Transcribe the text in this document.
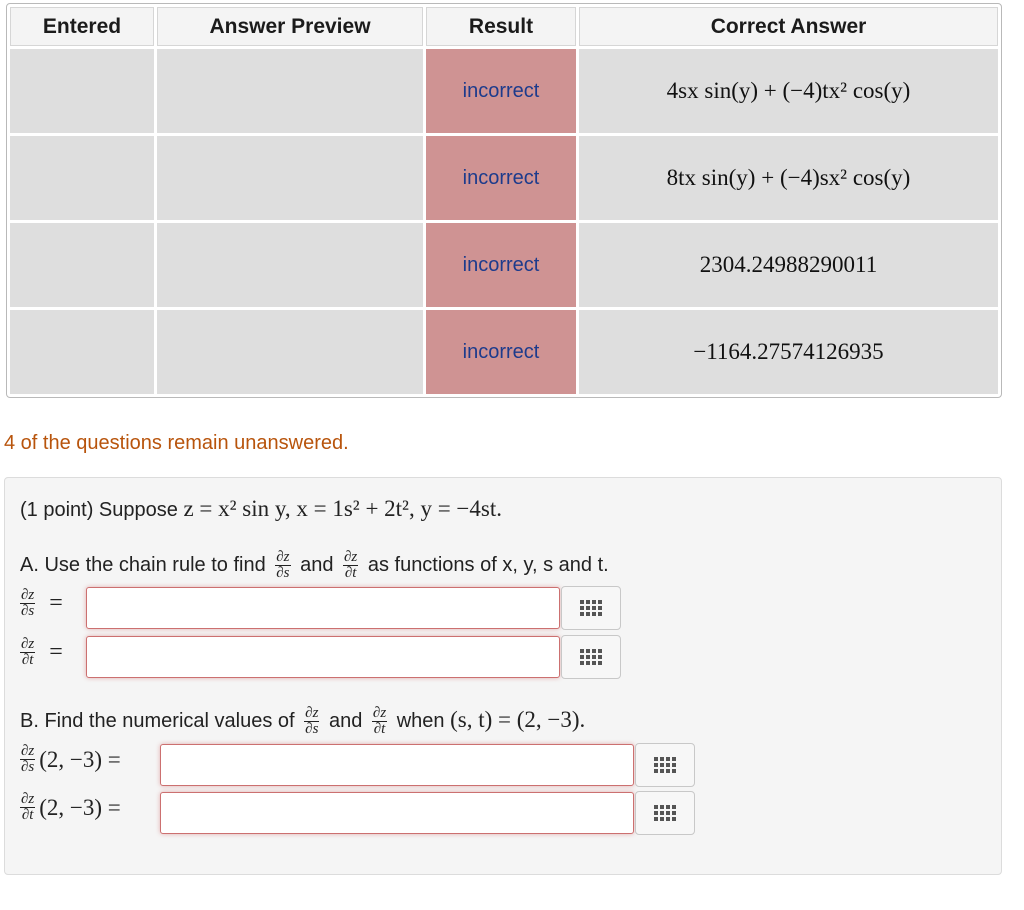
Entered	Answer Preview	Result	Correct Answer
		incorrect	4sx sin(y) + (−4)tx² cos(y)
		incorrect	8tx sin(y) + (−4)sx² cos(y)
		incorrect	2304.24988290011
		incorrect	−1164.27574126935
4 of the questions remain unanswered.
(1 point) Suppose z = x² sin y, x = 1s² + 2t², y = −4st.
A. Use the chain rule to find $\frac{\partial z}{\partial s}$ and $\frac{\partial z}{\partial t}$ as functions of x, y, s and t.
$\frac{\partial z}{\partial s}$ =
$\frac{\partial z}{\partial t}$ =
B. Find the numerical values of $\frac{\partial z}{\partial s}$ and $\frac{\partial z}{\partial t}$ when (s, t) = (2, −3).
$\frac{\partial z}{\partial s} (2$, −3) =
$\frac{\partial z}{\partial t} (2$, −3) =
